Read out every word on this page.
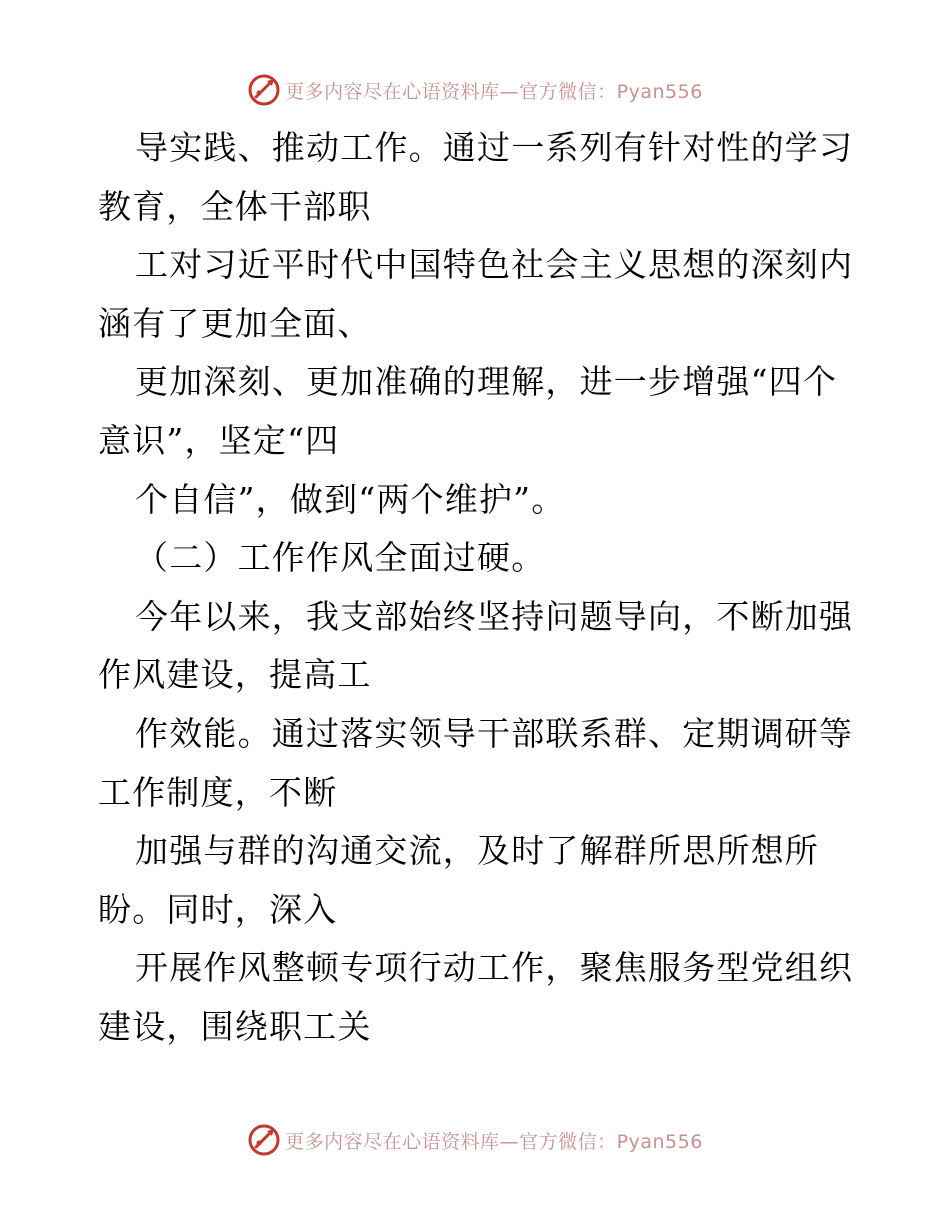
更多内容尽在心语资料库—官方微信：Pyan556
导实践、推动工作。通过一系列有针对性的学习
教育，全体干部职
工对习近平时代中国特色社会主义思想的深刻内
涵有了更加全面、
更加深刻、更加准确的理解，进一步增强“四个
意识”，坚定“四
个自信”，做到“两个维护”。
（二）工作作风全面过硬。
今年以来，我支部始终坚持问题导向，不断加强
作风建设，提高工
作效能。通过落实领导干部联系群、定期调研等
工作制度，不断
加强与群的沟通交流，及时了解群所思所想所
盼。同时，深入
开展作风整顿专项行动工作，聚焦服务型党组织
建设，围绕职工关
更多内容尽在心语资料库—官方微信：Pyan556
